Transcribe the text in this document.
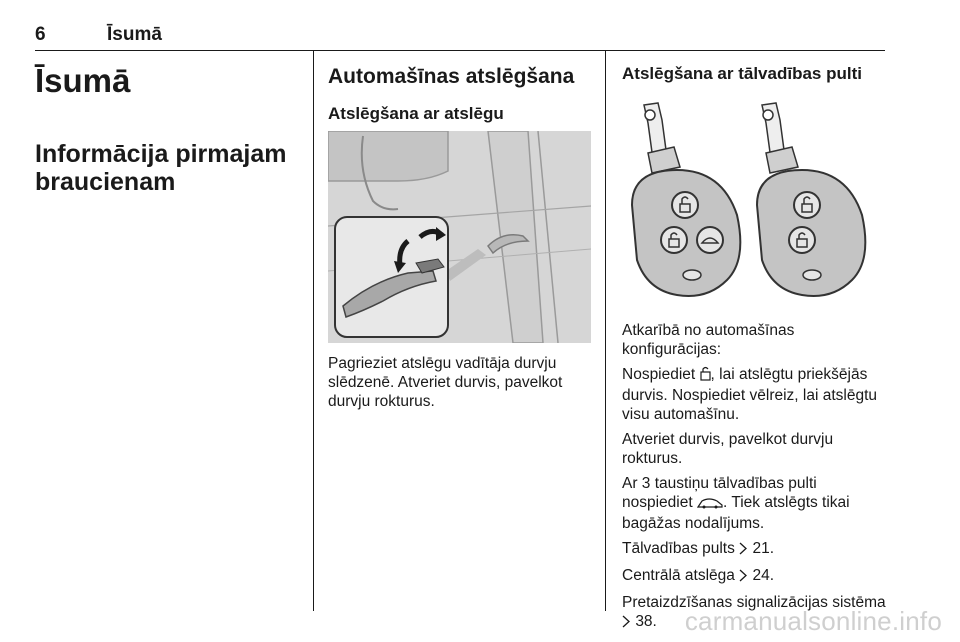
6	Īsumā
Īsumā
Informācija pirmajam braucienam
Automašīnas atslēgšana
Atslēgšana ar atslēgu

Pagrieziet atslēgu vadītāja durvju slēdzenē. Atveriet durvis, pavelkot durvju rokturus.

Atslēgšana ar tālvadības pulti

Atkarībā no automašīnas konfigurācijas:

Nospiediet , lai atslēgtu priekšējās durvis. Nospiediet vēlreiz, lai atslēgtu visu automašīnu.

Atveriet durvis, pavelkot durvju rokturus.

Ar 3 taustiņu tālvadības pulti nospiediet . Tiek atslēgts tikai bagāžas nodalījums.

Tālvadības pults  21.

Centrālā atslēga  24.

Pretaizdzīšanas signalizācijas sistēma  38.	carmanualsonline.info
